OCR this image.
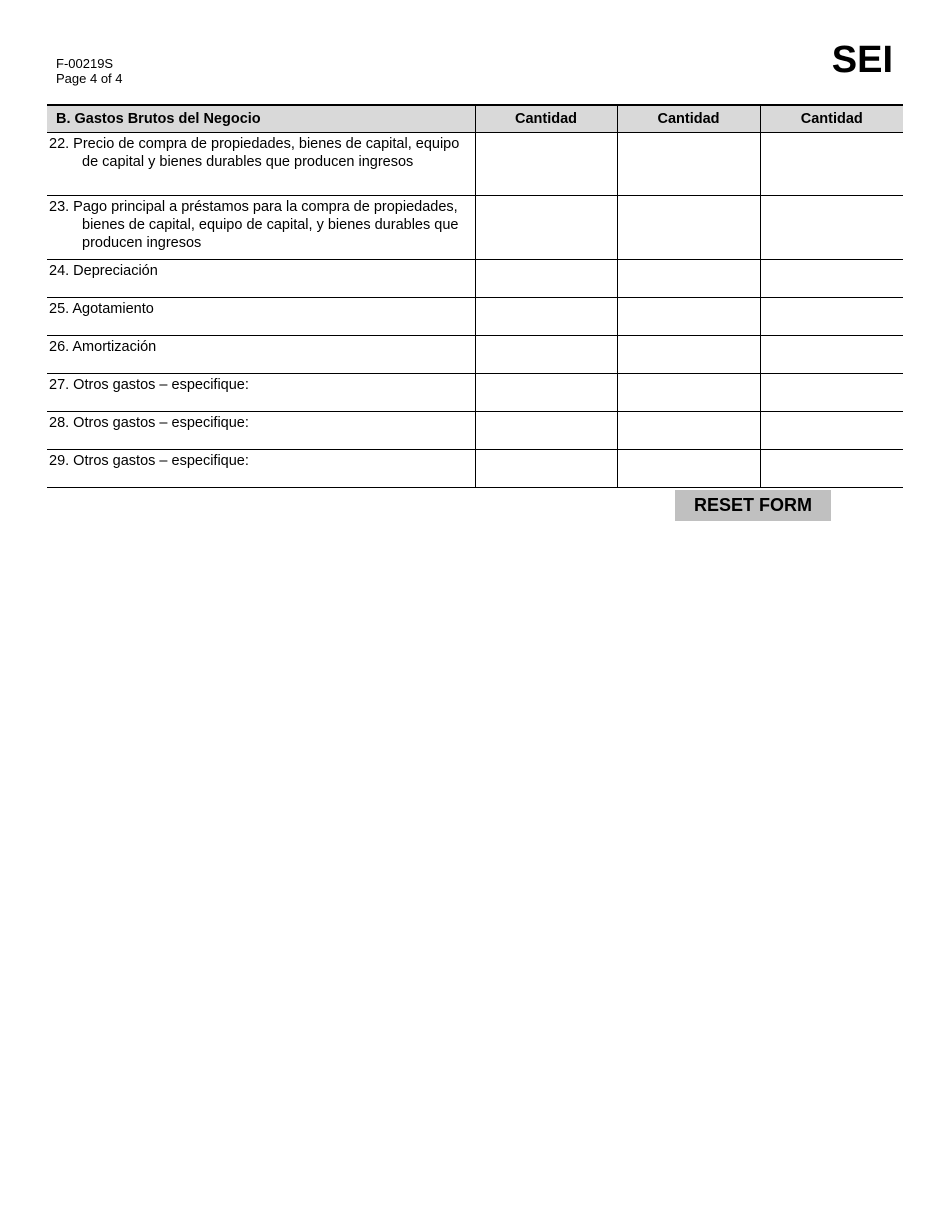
F-00219S
Page 4 of 4	SEI
B. Gastos Brutos del Negocio	Cantidad	Cantidad	Cantidad

22. Precio de compra de propiedades, bienes de capital, equipo de capital y bienes durables que producen ingresos			

23. Pago principal a préstamos para la compra de propiedades, bienes de capital, equipo de capital, y bienes durables que producen ingresos			

24. Depreciación			
25. Agotamiento			
26. Amortización			
27. Otros gastos – especifique:			
28. Otros gastos – especifique:			
29. Otros gastos – especifique:			
RESET FORM
